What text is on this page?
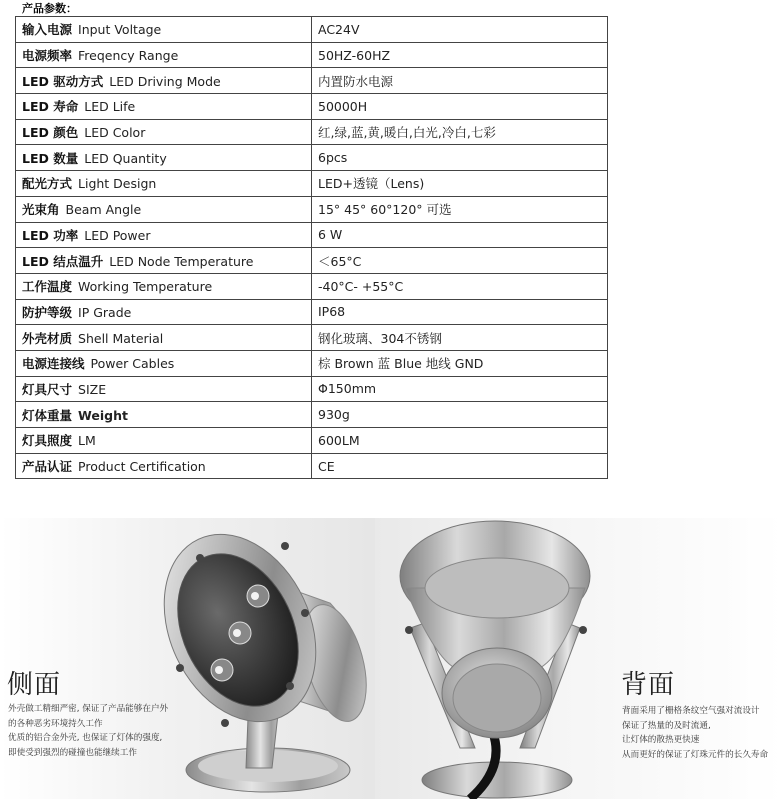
产品参数：
输入电源 Input Voltage	AC24V
电源频率 Freqency Range	50HZ-60HZ
LED 驱动方式 LED Driving Mode	内置防水电源
LED 寿命 LED Life	50000H
LED 颜色 LED Color	红,绿,蓝,黄,暖白,白光,冷白,七彩
LED 数量 LED Quantity	6pcs
配光方式 Light Design	LED+透镜（Lens)
光束角 Beam Angle	15° 45° 60°120° 可选
LED 功率 LED Power	6 W
LED 结点温升 LED Node Temperature	＜65°C
工作温度 Working Temperature	-40°C- +55°C
防护等级 IP Grade	IP68
外壳材质 Shell Material	钢化玻璃、304不锈钢
电源连接线 Power Cables	棕 Brown 蓝 Blue 地线 GND
灯具尺寸 SIZE	Φ150mm
灯体重量 Weight	930g
灯具照度 LM	600LM
产品认证 Product Certification	CE
侧面
外壳做工精细严密, 保证了产品能够在户外
的各种恶劣环境持久工作
优质的铝合金外壳, 也保证了灯体的强度,
即使受到强烈的碰撞也能继续工作
背面
背面采用了栅格条纹空气强对流设计
保证了热量的及时流通,
让灯体的散热更快速
从而更好的保证了灯珠元件的长久寿命
